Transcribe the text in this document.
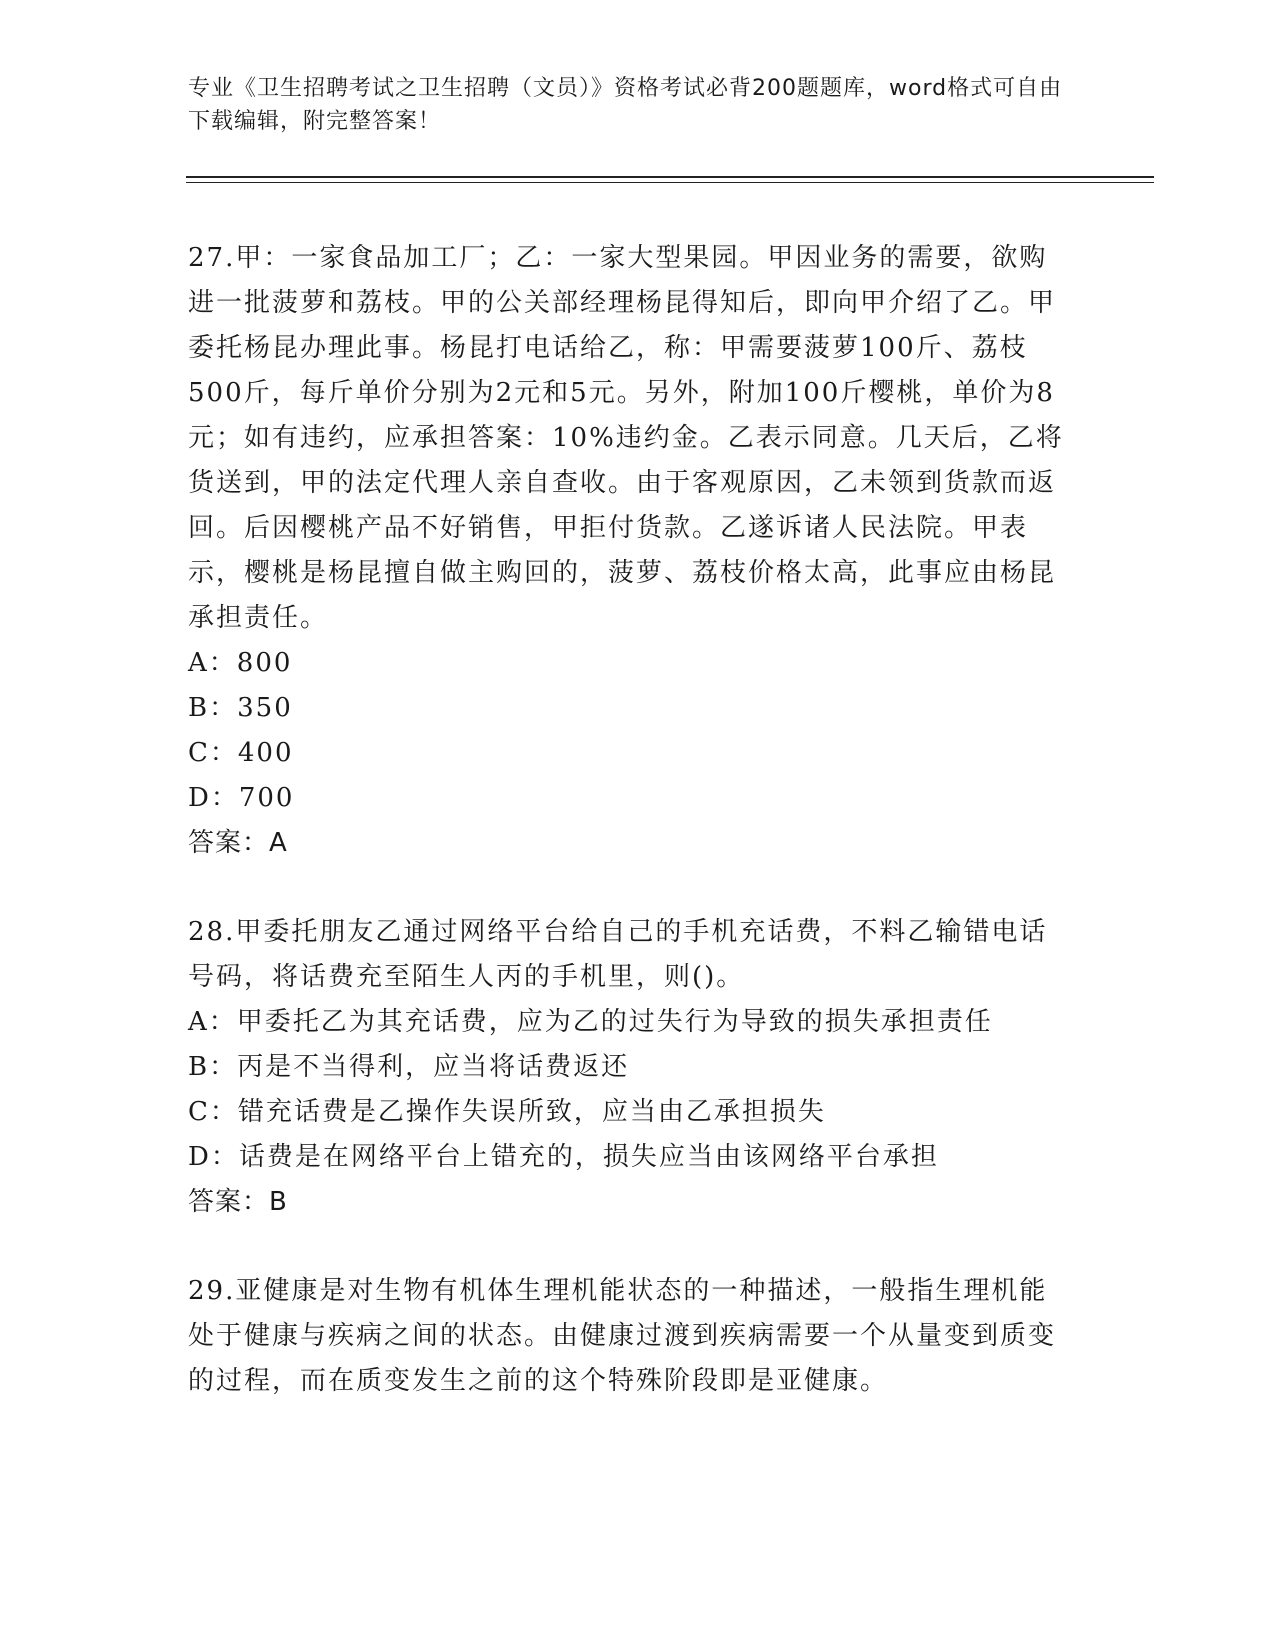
专业《卫生招聘考试之卫生招聘（文员）》资格考试必背200题题库，word格式可自由下载编辑，附完整答案！

27.甲：一家食品加工厂；乙：一家大型果园。甲因业务的需要，欲购进一批菠萝和荔枝。甲的公关部经理杨昆得知后，即向甲介绍了乙。甲委托杨昆办理此事。杨昆打电话给乙，称：甲需要菠萝100斤、荔枝500斤，每斤单价分别为2元和5元。另外，附加100斤樱桃，单价为8元；如有违约，应承担答案：10%违约金。乙表示同意。几天后，乙将货送到，甲的法定代理人亲自查收。由于客观原因，乙未领到货款而返回。后因樱桃产品不好销售，甲拒付货款。乙遂诉诸人民法院。甲表示，樱桃是杨昆擅自做主购回的，菠萝、荔枝价格太高，此事应由杨昆承担责任。

A：800

B：350

C：400

D：700

答案：A

28.甲委托朋友乙通过网络平台给自己的手机充话费，不料乙输错电话号码，将话费充至陌生人丙的手机里，则()。

A：甲委托乙为其充话费，应为乙的过失行为导致的损失承担责任

B：丙是不当得利，应当将话费返还

C：错充话费是乙操作失误所致，应当由乙承担损失

D：话费是在网络平台上错充的，损失应当由该网络平台承担

答案：B

29.亚健康是对生物有机体生理机能状态的一种描述，一般指生理机能处于健康与疾病之间的状态。由健康过渡到疾病需要一个从量变到质变的过程，而在质变发生之前的这个特殊阶段即是亚健康。
